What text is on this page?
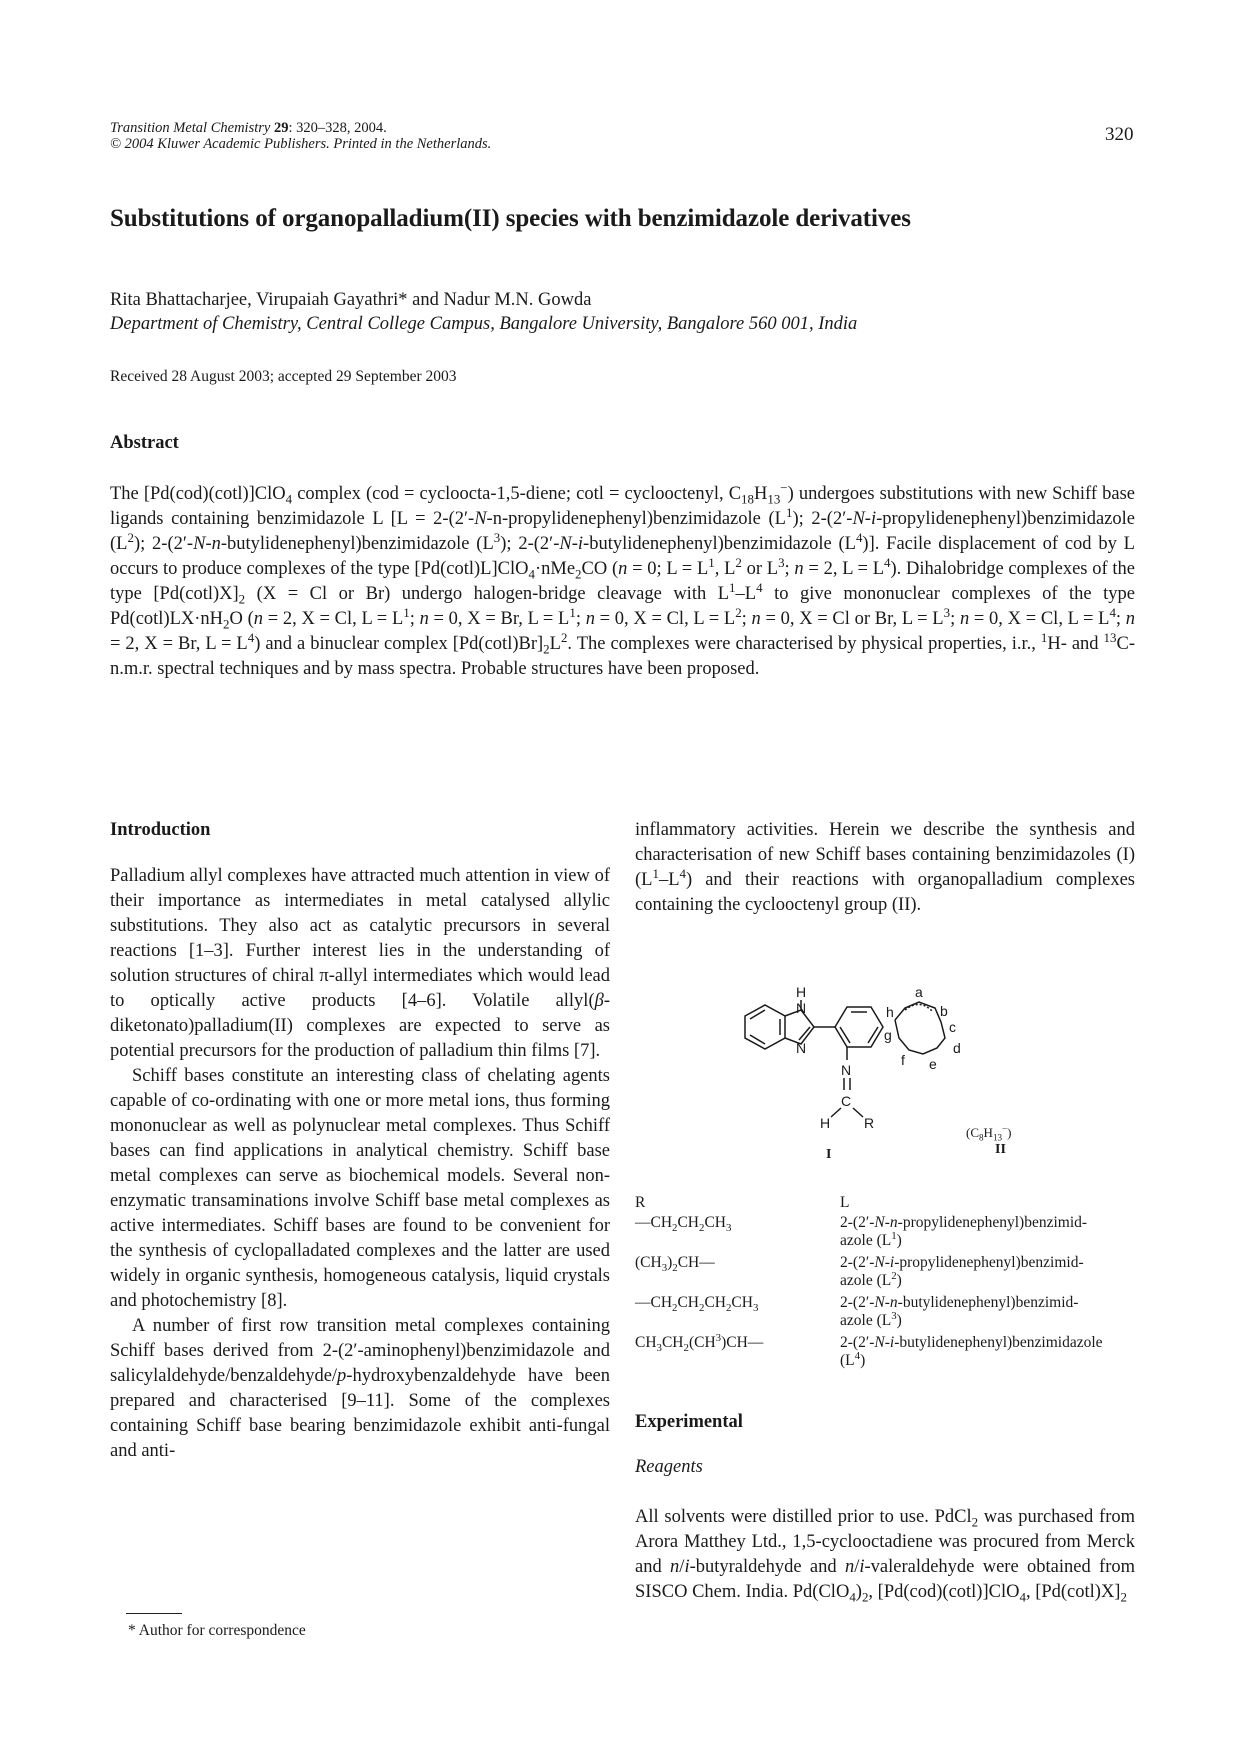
Transition Metal Chemistry 29: 320–328, 2004.
© 2004 Kluwer Academic Publishers. Printed in the Netherlands.	320
Substitutions of organopalladium(II) species with benzimidazole derivatives
Rita Bhattacharjee, Virupaiah Gayathri* and Nadur M.N. Gowda
Department of Chemistry, Central College Campus, Bangalore University, Bangalore 560 001, India
Received 28 August 2003; accepted 29 September 2003
Abstract
The [Pd(cod)(cotl)]ClO$_4$ complex (cod = cycloocta-1,5-diene; cotl = cyclooctenyl, $C_{18}H_{13}^-$) undergoes substitutions with new Schiff base ligands containing benzimidazole L [L = 2-(2′-N-n-propylidenephenyl)benzimidazole $(L^1)$; 2-(2′-N-i-propylidenephenyl)benzimidazole $(L^2)$; 2-(2′-N-n-butylidenephenyl)benzimidazole $(L^3)$; 2-(2′-N-i-butylidenephenyl)benzimidazole $(L^4)$]. Facile displacement of cod by L occurs to produce complexes of the type [Pd(cotl)L]ClO$_4$·nMe$_2$CO (n = 0; $L = L^1$, $L^2$ or $L^3$; n = 2, $L = L^4$). Dihalobridge complexes of the type $[Pd(\cot l)X]_2$ (X = Cl or Br) undergo halogen-bridge cleavage with $L^1-L^4$ to give mononuclear complexes of the type $Pd(\cot l)LX\cdot nH_2O$ (n = 2, X = Cl, $L = L^1$; n = 0, X = Br, $L = L^1$; n = 0, X = Cl, $L = L^2$; n = 0, X = Cl or Br, $L = L^3$; n = 0, X = Cl, $L = L^4$; n = 2, X = Br, $L = L^4$) and a binuclear complex $[Pd(\cot l)Br]_2L^2$. The complexes were characterised by physical properties, i.r., $^1$H- and $^{13}$C-n.m.r. spectral techniques and by mass spectra. Probable structures have been proposed.
Introduction

Palladium allyl complexes have attracted much attention in view of their importance as intermediates in metal catalysed allylic substitutions. They also act as catalytic precursors in several reactions [1–3]. Further interest lies in the understanding of solution structures of chiral π-allyl intermediates which would lead to optically active products [4–6]. Volatile allyl(β-diketonato)palladium(II) complexes are expected to serve as potential precursors for the production of palladium thin films [7].

Schiff bases constitute an interesting class of chelating agents capable of co-ordinating with one or more metal ions, thus forming mononuclear as well as polynuclear metal complexes. Thus Schiff bases can find applications in analytical chemistry. Schiff base metal complexes can serve as biochemical models. Several non-enzymatic transaminations involve Schiff base metal complexes as active intermediates. Schiff bases are found to be convenient for the synthesis of cyclopalladated complexes and the latter are used widely in organic synthesis, homogeneous catalysis, liquid crystals and photochemistry [8].

A number of first row transition metal complexes containing Schiff bases derived from 2-(2′-aminophenyl)benzimidazole and salicylaldehyde/benzaldehyde/p-hydroxybenzaldehyde have been prepared and characterised [9–11]. Some of the complexes containing Schiff base bearing benzimidazole exhibit anti-fungal and anti-

* Author for correspondence

inflammatory activities. Herein we describe the synthesis and characterisation of new Schiff bases containing benzimidazoles (I) $(L^1-L^4)$ and their reactions with organopalladium complexes containing the cyclooctenyl group (II).

H
N
N
N
C
H R
a
b
c
d
e
f
g
h
$(C_8H_{13}^-)$
I	II
R	L
$—CH_2CH_2CH_3$	2-(2′-N-n-propylidenephenyl)benzimid-
azole $(L^1)$
$(CH_3)_2CH—$	2-(2′-N-i-propylidenephenyl)benzimid-
azole $(L^2)$
$—CH_2CH_2CH_2CH_3$	2-(2′-N-n-butylidenephenyl)benzimid-
azole $(L^3)$
$CH_3CH_2(CH^3)CH—$	2-(2′-N-i-butylidenephenyl)benzimidazole
$(L^4)$
Experimental
Reagents

All solvents were distilled prior to use. PdCl$_2$ was purchased from Arora Matthey Ltd., 1,5-cyclooctadiene was procured from Merck and n/i-butyraldehyde and n/i-valeraldehyde were obtained from SISCO Chem. India. $Pd(ClO_4)_2$, [Pd(cod)(cotl)]ClO$_4$, $[Pd(\cot l)X]_2$
